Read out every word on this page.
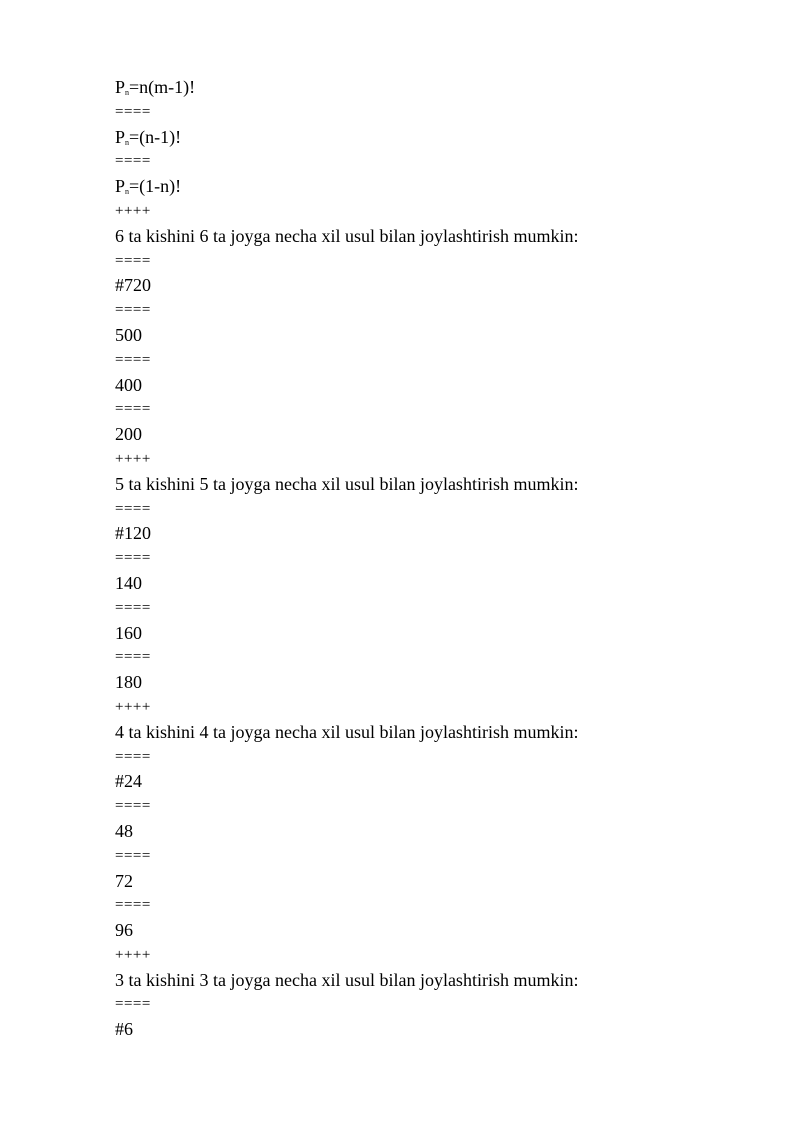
$P_n=n(m-1)$!
====
$P_n=(n-1)$!
====
$P_n=(1-n)$!
++++
6 ta kishini 6 ta joyga necha xil usul bilan joylashtirish mumkin:
====
#720
====
500
====
400
====
200
++++
5 ta kishini 5 ta joyga necha xil usul bilan joylashtirish mumkin:
====
#120
====
140
====
160
====
180
++++
4 ta kishini 4 ta joyga necha xil usul bilan joylashtirish mumkin:
====
#24
====
48
====
72
====
96
++++
3 ta kishini 3 ta joyga necha xil usul bilan joylashtirish mumkin:
====
#6
